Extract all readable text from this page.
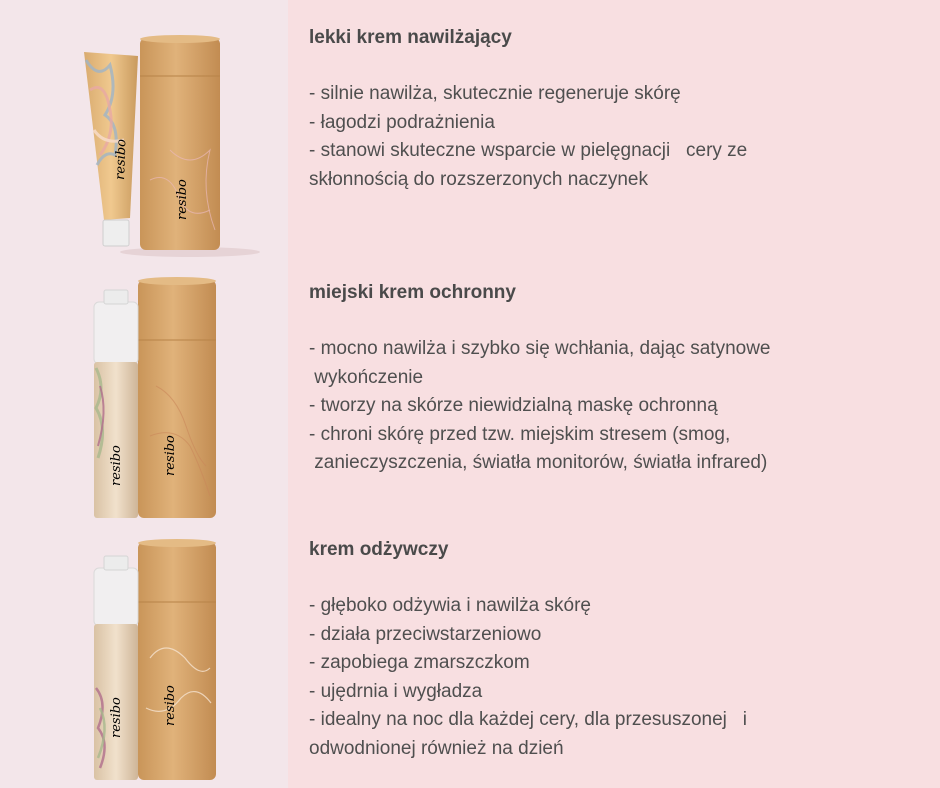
resibo
resibo
resibo	resibo
resibo	resibo
lekki krem nawilżający
- silnie nawilża, skutecznie regeneruje skórę
- łagodzi podrażnienia
- stanowi skuteczne wsparcie w pielęgnacji   cery ze
skłonnością do rozszerzonych naczynek
miejski krem ochronny
- mocno nawilża i szybko się wchłania, dając satynowe
wykończenie
- tworzy na skórze niewidzialną maskę ochronną
- chroni skórę przed tzw. miejskim stresem (smog,
zanieczyszczenia, światła monitorów, światła infrared)
krem odżywczy
- głęboko odżywia i nawilża skórę
- działa przeciwstarzeniowo
- zapobiega zmarszczkom
- ujędrnia i wygładza
- idealny na noc dla każdej cery, dla przesuszonej   i
odwodnionej również na dzień
